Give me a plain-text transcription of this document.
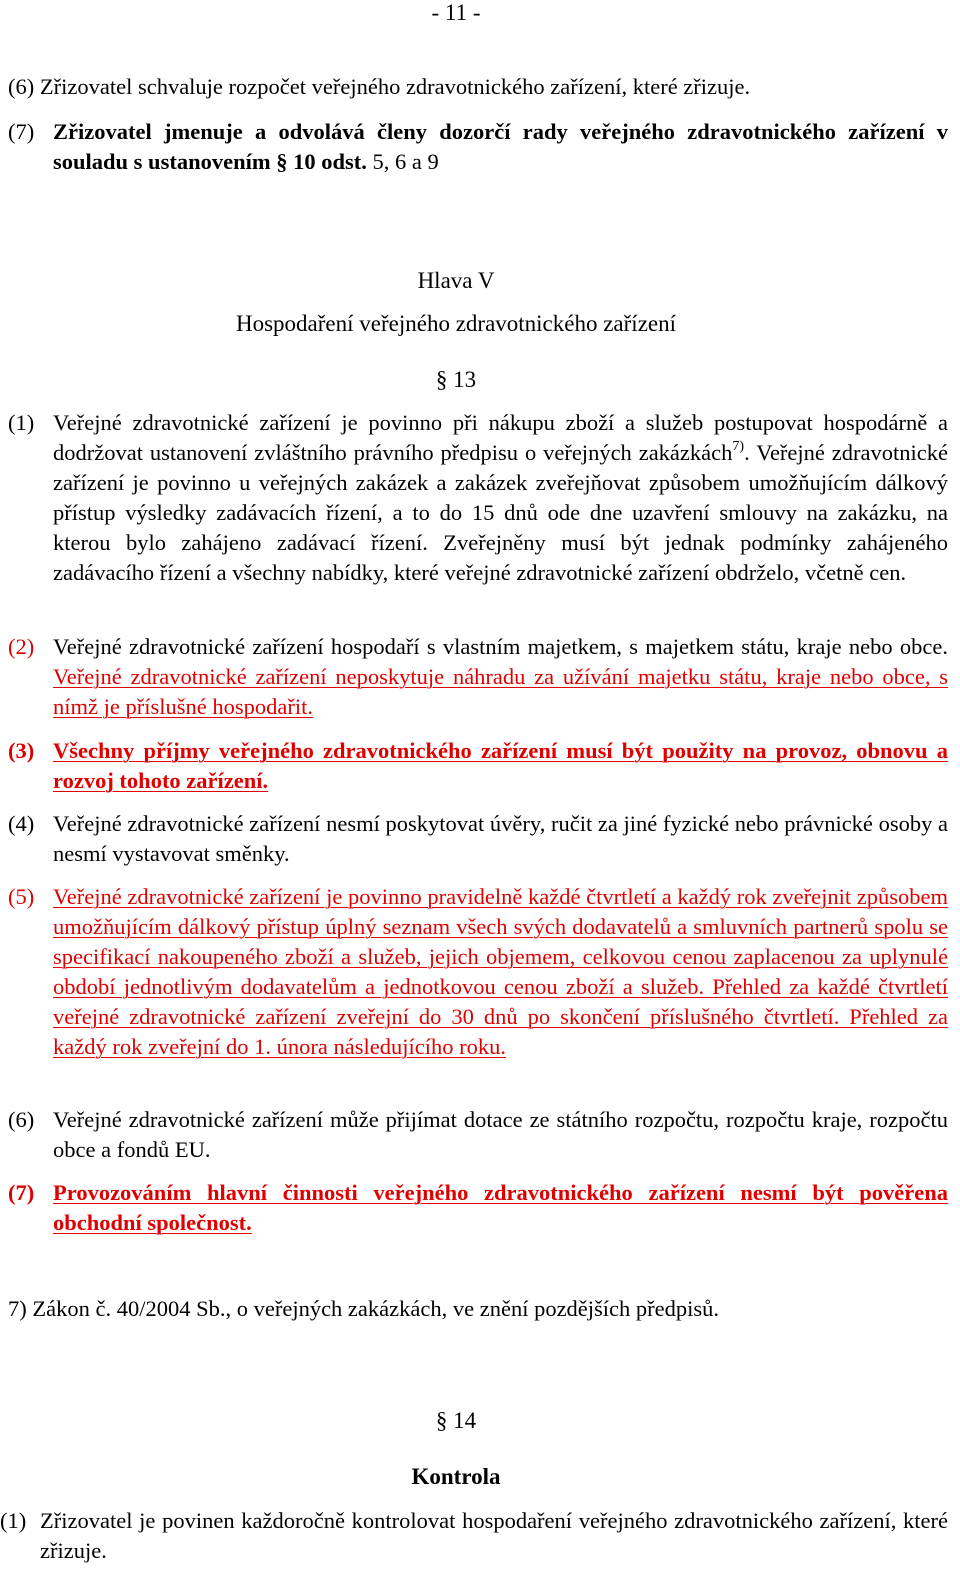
- 11 -
(6) Zřizovatel schvaluje rozpočet veřejného zdravotnického zařízení, které zřizuje.
(7) Zřizovatel jmenuje a odvolává členy dozorčí rady veřejného zdravotnického zařízení v souladu s ustanovením § 10 odst. 5, 6 a 9
Hlava V
Hospodaření veřejného zdravotnického zařízení
§ 13
(1) Veřejné zdravotnické zařízení je povinno při nákupu zboží a služeb postupovat hospodárně a dodržovat ustanovení zvláštního právního předpisu o veřejných zakázkách$^{7)}$. Veřejné zdravotnické zařízení je povinno u veřejných zakázek a zakázek zveřejňovat způsobem umožňujícím dálkový přístup výsledky zadávacích řízení, a to do 15 dnů ode dne uzavření smlouvy na zakázku, na kterou bylo zahájeno zadávací řízení. Zveřejněny musí být jednak podmínky zahájeného zadávacího řízení a všechny nabídky, které veřejné zdravotnické zařízení obdrželo, včetně cen.
(2) Veřejné zdravotnické zařízení hospodaří s vlastním majetkem, s majetkem státu, kraje nebo obce. Veřejné zdravotnické zařízení neposkytuje náhradu za užívání majetku státu, kraje nebo obce, s nímž je příslušné hospodařit.
(3) Všechny příjmy veřejného zdravotnického zařízení musí být použity na provoz, obnovu a rozvoj tohoto zařízení.
(4) Veřejné zdravotnické zařízení nesmí poskytovat úvěry, ručit za jiné fyzické nebo právnické osoby a nesmí vystavovat směnky.
(5) Veřejné zdravotnické zařízení je povinno pravidelně každé čtvrtletí a každý rok zveřejnit způsobem umožňujícím dálkový přístup úplný seznam všech svých dodavatelů a smluvních partnerů spolu se specifikací nakoupeného zboží a služeb, jejich objemem, celkovou cenou zaplacenou za uplynulé období jednotlivým dodavatelům a jednotkovou cenou zboží a služeb. Přehled za každé čtvrtletí veřejné zdravotnické zařízení zveřejní do 30 dnů po skončení příslušného čtvrtletí. Přehled za každý rok zveřejní do 1. února následujícího roku.
(6) Veřejné zdravotnické zařízení může přijímat dotace ze státního rozpočtu, rozpočtu kraje, rozpočtu obce a fondů EU.
(7) Provozováním hlavní činnosti veřejného zdravotnického zařízení nesmí být pověřena obchodní společnost.
7) Zákon č. 40/2004 Sb., o veřejných zakázkách, ve znění pozdějších předpisů.
§ 14
Kontrola
(1) Zřizovatel je povinen každoročně kontrolovat hospodaření veřejného zdravotnického zařízení, které zřizuje.
